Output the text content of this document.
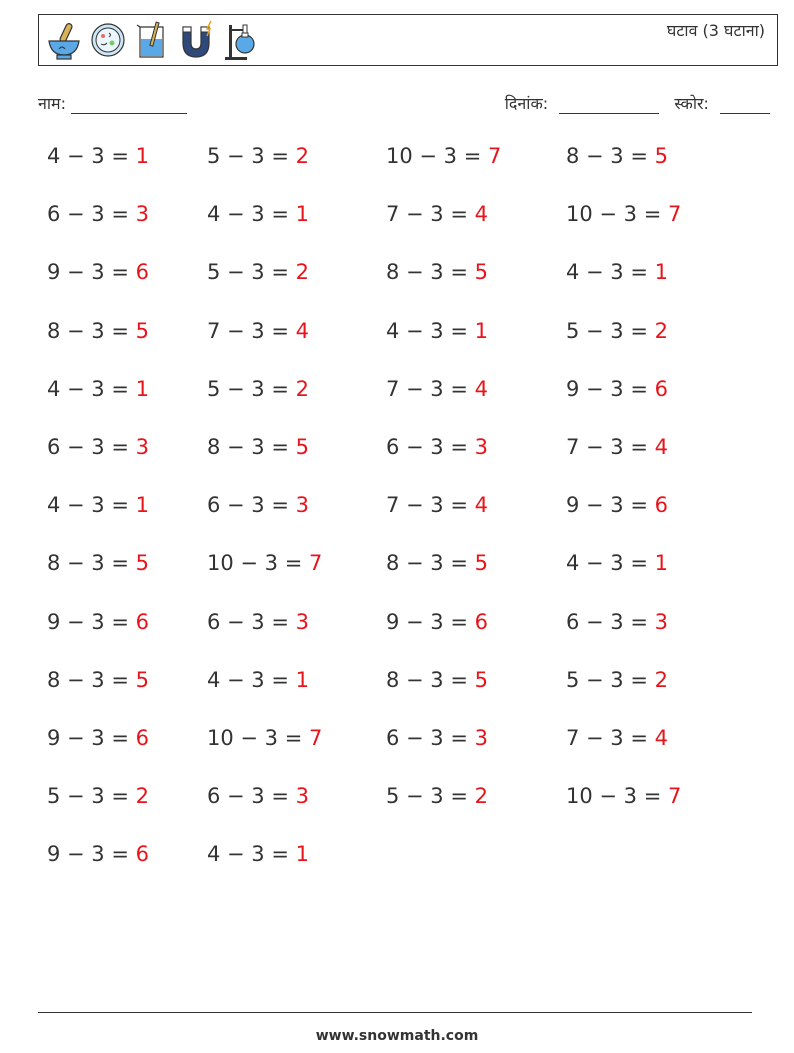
घटाव (3 घटाना)
नाम:	दिनांक:	स्कोर:
4 − 3 = 1	5 − 3 = 2	10 − 3 = 7	8 − 3 = 5
6 − 3 = 3	4 − 3 = 1	7 − 3 = 4	10 − 3 = 7
9 − 3 = 6	5 − 3 = 2	8 − 3 = 5	4 − 3 = 1
8 − 3 = 5	7 − 3 = 4	4 − 3 = 1	5 − 3 = 2
4 − 3 = 1	5 − 3 = 2	7 − 3 = 4	9 − 3 = 6
6 − 3 = 3	8 − 3 = 5	6 − 3 = 3	7 − 3 = 4
4 − 3 = 1	6 − 3 = 3	7 − 3 = 4	9 − 3 = 6
8 − 3 = 5	10 − 3 = 7	8 − 3 = 5	4 − 3 = 1
9 − 3 = 6	6 − 3 = 3	9 − 3 = 6	6 − 3 = 3
8 − 3 = 5	4 − 3 = 1	8 − 3 = 5	5 − 3 = 2
9 − 3 = 6	10 − 3 = 7	6 − 3 = 3	7 − 3 = 4
5 − 3 = 2	6 − 3 = 3	5 − 3 = 2	10 − 3 = 7
9 − 3 = 6	4 − 3 = 1
www.snowmath.com
